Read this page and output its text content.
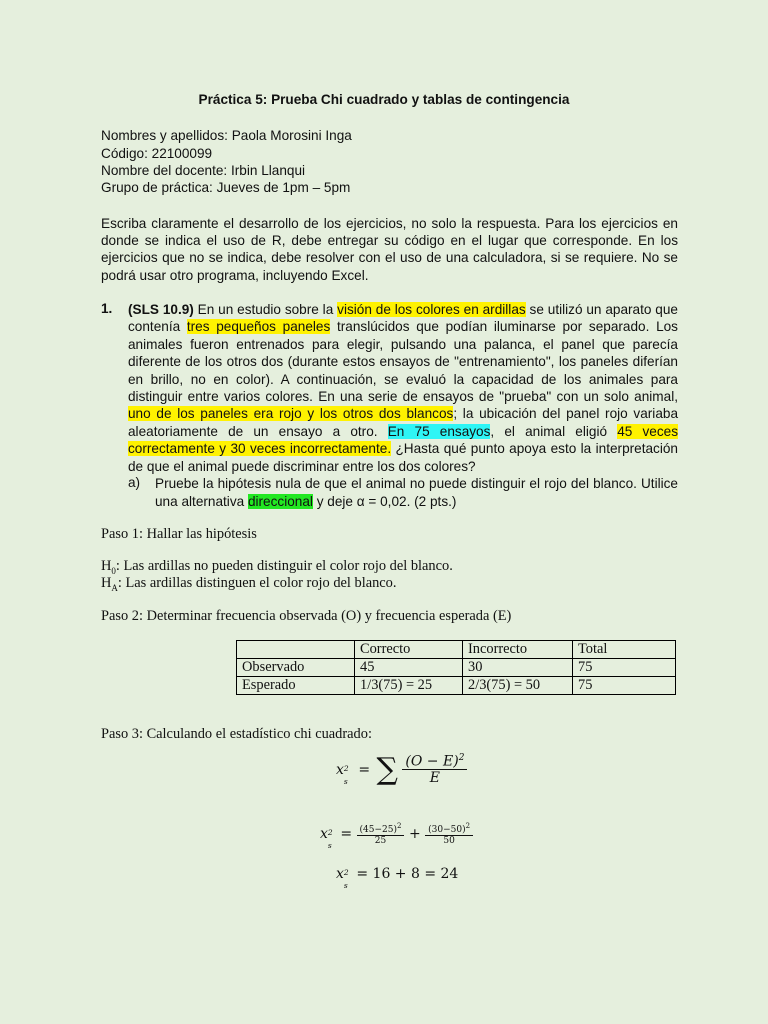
Práctica 5: Prueba Chi cuadrado y tablas de contingencia
Nombres y apellidos: Paola Morosini Inga
Código: 22100099
Nombre del docente: Irbin Llanqui
Grupo de práctica: Jueves de 1pm – 5pm
Escriba claramente el desarrollo de los ejercicios, no solo la respuesta. Para los ejercicios en donde se indica el uso de R, debe entregar su código en el lugar que corresponde. En los ejercicios que no se indica, debe resolver con el uso de una calculadora, si se requiere. No se podrá usar otro programa, incluyendo Excel.
1. (SLS 10.9) En un estudio sobre la visión de los colores en ardillas se utilizó un aparato que contenía tres pequeños paneles translúcidos que podían iluminarse por separado. Los animales fueron entrenados para elegir, pulsando una palanca, el panel que parecía diferente de los otros dos (durante estos ensayos de "entrenamiento", los paneles diferían en brillo, no en color). A continuación, se evaluó la capacidad de los animales para distinguir entre varios colores. En una serie de ensayos de "prueba" con un solo animal, uno de los paneles era rojo y los otros dos blancos; la ubicación del panel rojo variaba aleatoriamente de un ensayo a otro. En 75 ensayos, el animal eligió 45 veces correctamente y 30 veces incorrectamente. ¿Hasta qué punto apoya esto la interpretación de que el animal puede discriminar entre los dos colores?
a) Pruebe la hipótesis nula de que el animal no puede distinguir el rojo del blanco. Utilice una alternativa direccional y deje α = 0,02. (2 pts.)
Paso 1: Hallar las hipótesis
$H_0$: Las ardillas no pueden distinguir el color rojo del blanco.
$H_A$: Las ardillas distinguen el color rojo del blanco.
Paso 2: Determinar frecuencia observada (O) y frecuencia esperada (E)
	Correcto	Incorrecto	Total
Observado	45	30	75
Esperado	1/3(75) = 25	2/3(75) = 50	75
Paso 3: Calculando el estadístico chi cuadrado:
x 2
s
= ∑ $\frac{(O - E)^2}{E}$
x 2
s
= $\frac{(45-25)^2}{25} + \frac{(30-50)^2}{50}$
x 2
s
= 16 + 8 = 24
